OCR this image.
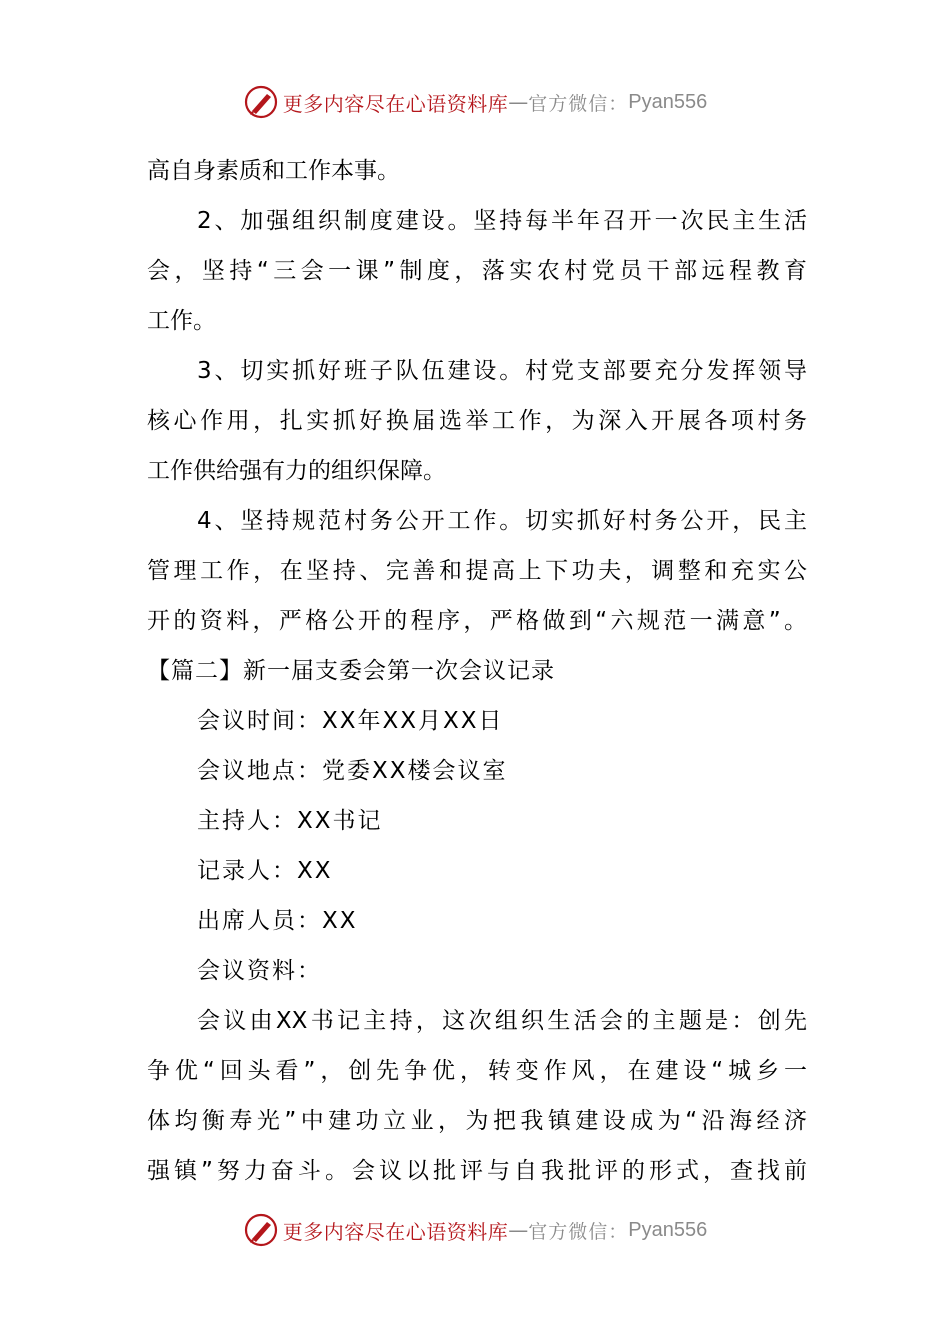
更多内容尽在心语资料库 — 官方微信： Pyan556
高自身素质和工作本事。
2、加强组织制度建设。坚持每半年召开一次民主生活
会，坚持“三会一课”制度，落实农村党员干部远程教育
工作。
3、切实抓好班子队伍建设。村党支部要充分发挥领导
核心作用，扎实抓好换届选举工作，为深入开展各项村务
工作供给强有力的组织保障。
4、坚持规范村务公开工作。切实抓好村务公开，民主
管理工作，在坚持、完善和提高上下功夫，调整和充实公
开的资料，严格公开的程序，严格做到“六规范一满意”。
【篇二】新一届支委会第一次会议记录
会议时间：XX年XX月XX日
会议地点：党委XX楼会议室
主持人：XX书记
记录人：XX
出席人员：XX
会议资料：
会议由XX书记主持，这次组织生活会的主题是：创先
争优“回头看”，创先争优，转变作风，在建设“城乡一
体均衡寿光”中建功立业，为把我镇建设成为“沿海经济
强镇”努力奋斗。会议以批评与自我批评的形式，查找前
更多内容尽在心语资料库 — 官方微信： Pyan556
